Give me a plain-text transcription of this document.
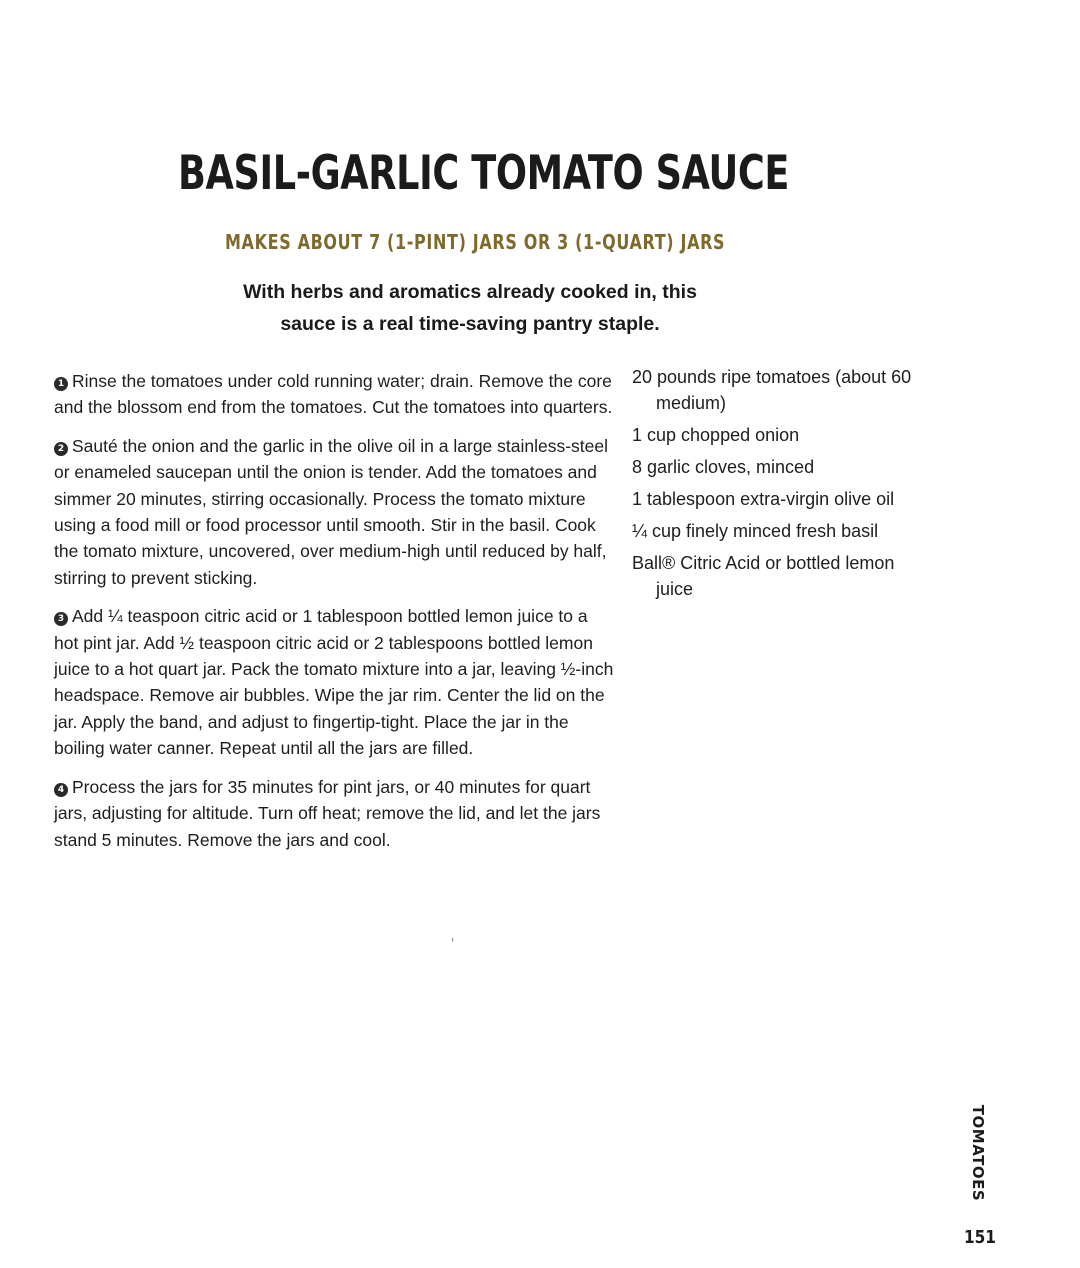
BASIL-GARLIC TOMATO SAUCE
MAKES ABOUT 7 (1-PINT) JARS OR 3 (1-QUART) JARS

With herbs and aromatics already cooked in, this sauce is a real time-saving pantry staple.

1 Rinse the tomatoes under cold running water; drain. Remove the core and the blossom end from the tomatoes. Cut the tomatoes into quarters.

2 Sauté the onion and the garlic in the olive oil in a large stainless-steel or enameled saucepan until the onion is tender. Add the tomatoes and simmer 20 minutes, stirring occasionally. Process the tomato mixture using a food mill or food processor until smooth. Stir in the basil. Cook the tomato mixture, uncovered, over medium-high until reduced by half, stirring to prevent sticking.

3 Add ¼ teaspoon citric acid or 1 tablespoon bottled lemon juice to a hot pint jar. Add ½ teaspoon citric acid or 2 tablespoons bottled lemon juice to a hot quart jar. Pack the tomato mixture into a jar, leaving ½-inch headspace. Remove air bubbles. Wipe the jar rim. Center the lid on the jar. Apply the band, and adjust to fingertip-tight. Place the jar in the boiling water canner. Repeat until all the jars are filled.

4 Process the jars for 35 minutes for pint jars, or 40 minutes for quart jars, adjusting for altitude. Turn off heat; remove the lid, and let the jars stand 5 minutes. Remove the jars and cool.

20 pounds ripe tomatoes (about 60 medium)
1 cup chopped onion
8 garlic cloves, minced
1 tablespoon extra-virgin olive oil
¼ cup finely minced fresh basil
Ball® Citric Acid or bottled lemon juice
'
TOMATOES
151
